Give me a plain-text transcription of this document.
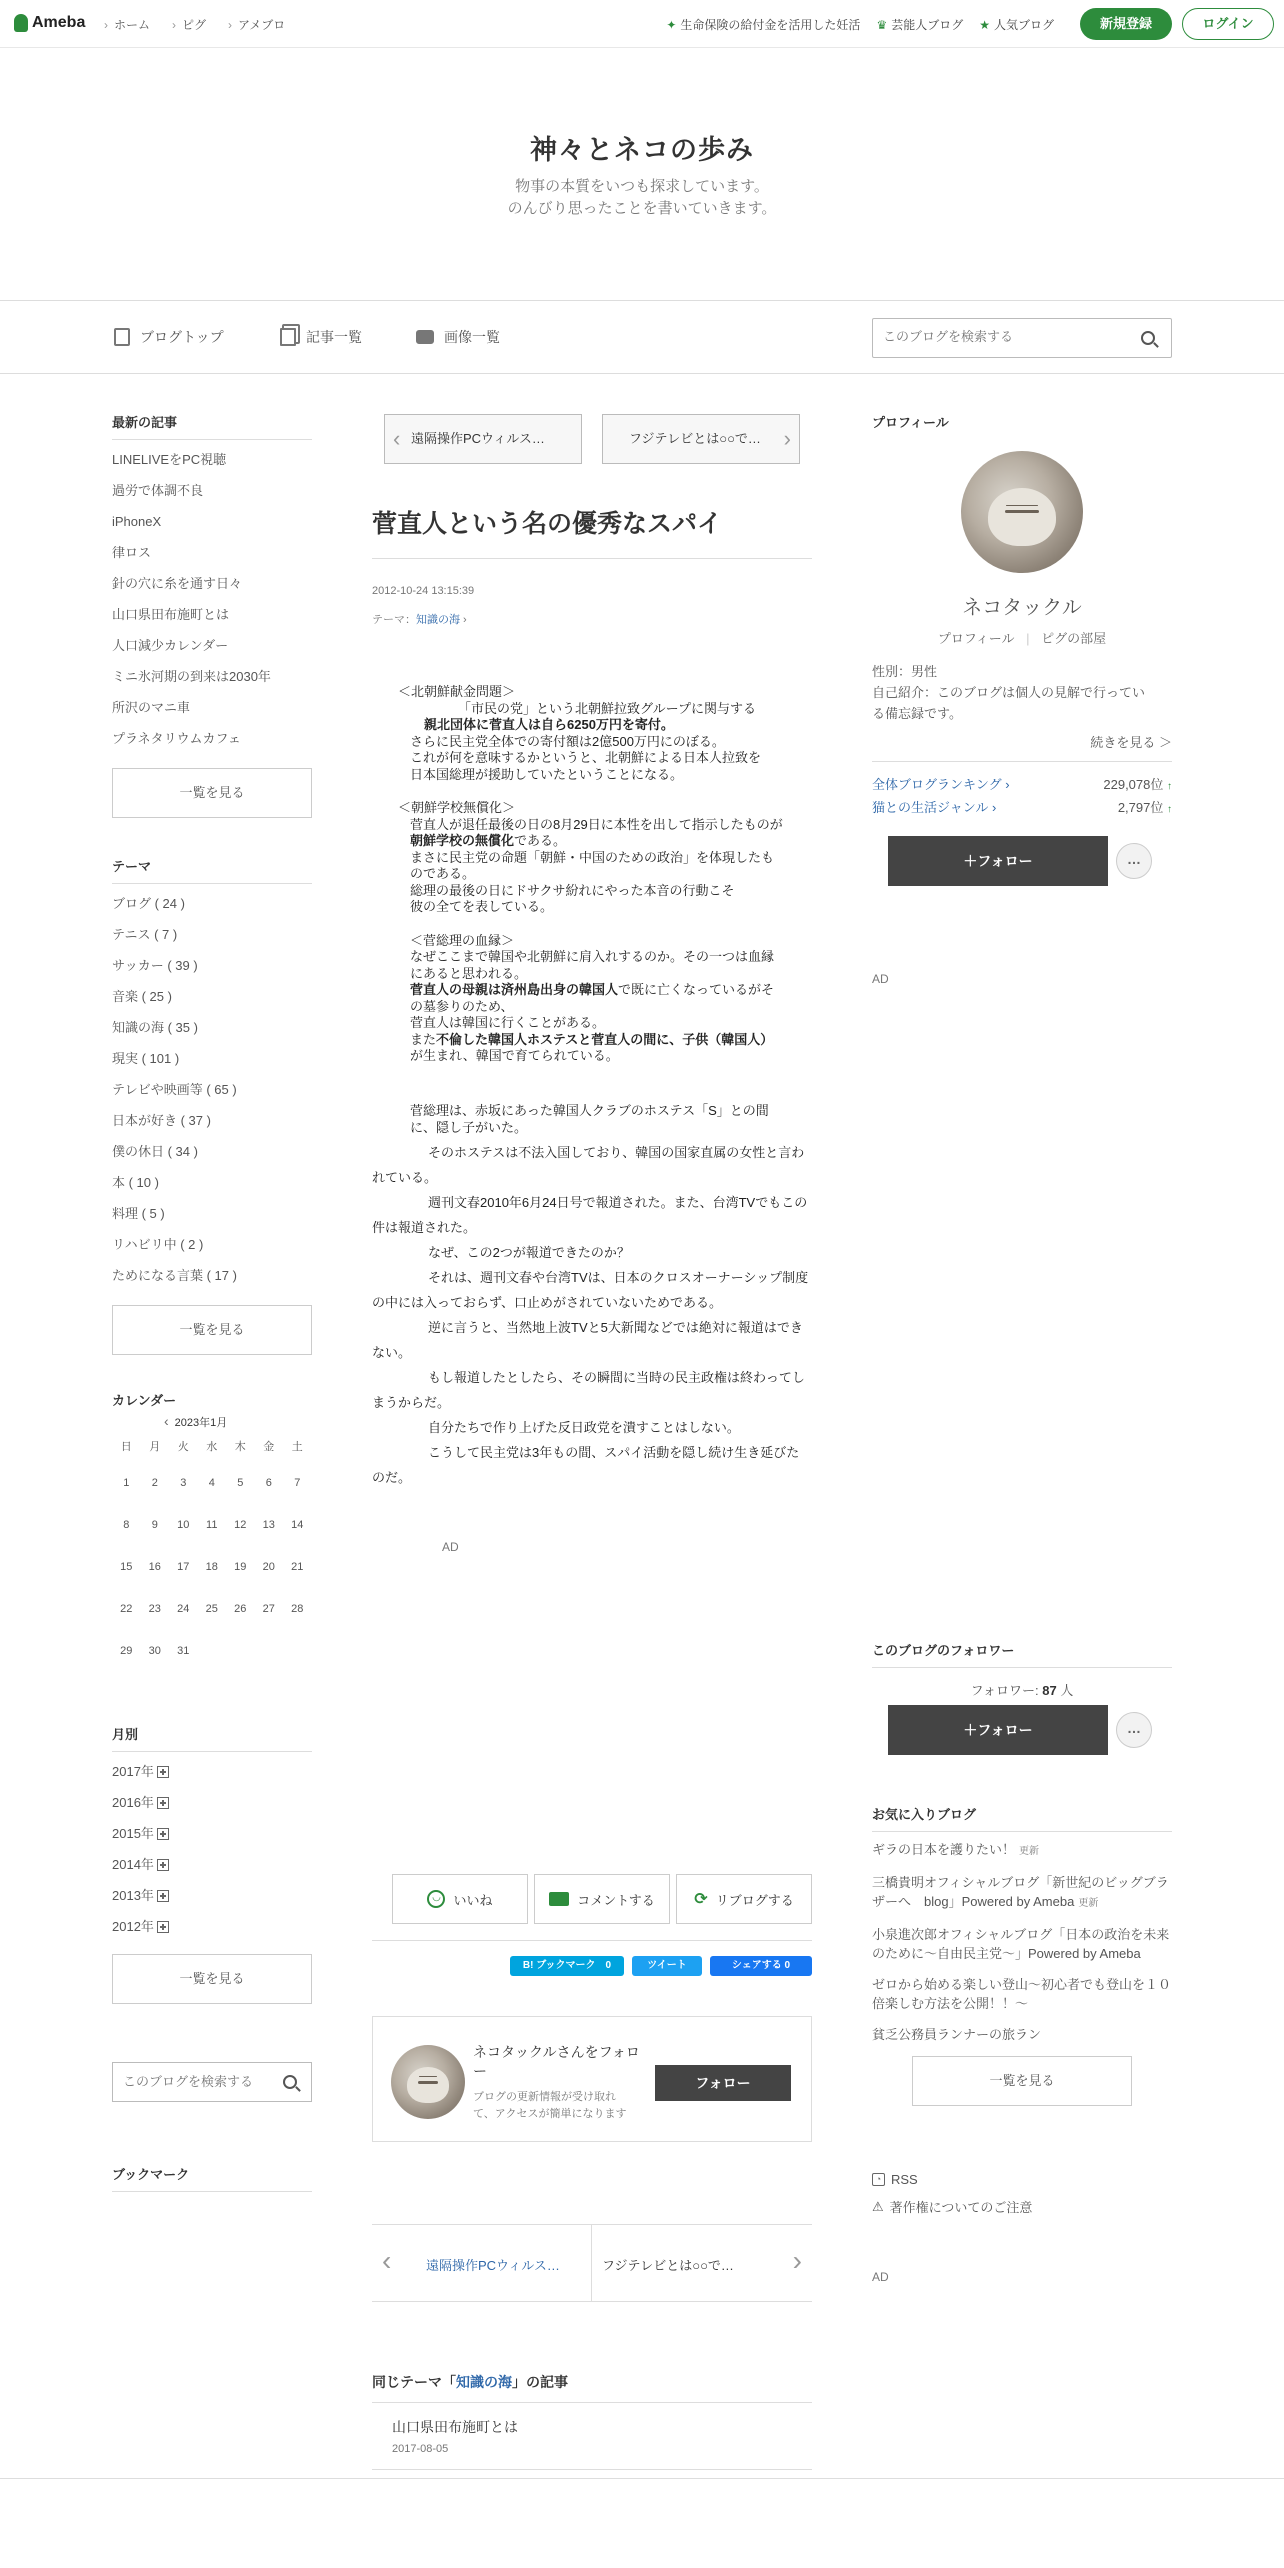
Ameba	› ホーム	› ピグ	› アメブロ	✦ 生命保険の給付金を活用した妊活 ♛ 芸能人ブログ ★ 人気ブログ	新規登録	ログイン
神々とネコの歩み
物事の本質をいつも探求しています。
のんびり思ったことを書いていきます。
ブログトップ	記事一覧	画像一覧
このブログを検索する
最新の記事
LINELIVEをPC視聴
過労で体調不良
iPhoneX
律ロス
針の穴に糸を通す日々
山口県田布施町とは
人口減少カレンダー
ミニ氷河期の到来は2030年
所沢のマニ車
プラネタリウムカフェ
一覧を見る
テーマ
ブログ ( 24 )
テニス ( 7 )
サッカー ( 39 )
音楽 ( 25 )
知識の海 ( 35 )
現実 ( 101 )
テレビや映画等 ( 65 )
日本が好き ( 37 )
僕の休日 ( 34 )
本 ( 10 )
料理 ( 5 )
リハビリ中 ( 2 )
ためになる言葉 ( 17 )
一覧を見る
カレンダー
‹ 2023年1月
日	月	火	水	木	金	土
1	2	3	4	5	6	7
8	9	10	11	12	13	14
15	16	17	18	19	20	21
22	23	24	25	26	27	28
29	30	31
月別
2017年
2016年
2015年
2014年
2013年
2012年
一覧を見る
このブログを検索する
ブックマーク
‹ 遠隔操作PCウィルス…	フジテレビとは○○で… ›
菅直人という名の優秀なスパイ
2012-10-24 13:15:39
テーマ：知識の海 ›
＜北朝鮮献金問題＞
「市民の党」という北朝鮮拉致グループに関与する
親北団体に菅直人は自ら6250万円を寄付。
さらに民主党全体での寄付額は2億500万円にのぼる。
これが何を意味するかというと、北朝鮮による日本人拉致を
日本国総理が援助していたということになる。
＜朝鮮学校無償化＞
菅直人が退任最後の日の8月29日に本性を出して指示したものが
朝鮮学校の無償化である。
まさに民主党の命題「朝鮮・中国のための政治」を体現したも
のである。
総理の最後の日にドサクサ紛れにやった本音の行動こそ
彼の全てを表している。
＜菅総理の血縁＞
なぜここまで韓国や北朝鮮に肩入れするのか。その一つは血縁
にあると思われる。
菅直人の母親は済州島出身の韓国人で既に亡くなっているがそ
の墓参りのため、
菅直人は韓国に行くことがある。
また不倫した韓国人ホステスと菅直人の間に、子供（韓国人）
が生まれ、韓国で育てられている。
菅総理は、赤坂にあった韓国人クラブのホステス「S」との間
に、隠し子がいた。
そのホステスは不法入国しており、韓国の国家直属の女性と言われている。
週刊文春2010年6月24日号で報道された。また、台湾TVでもこの件は報道された。
なぜ、この2つが報道できたのか？
それは、週刊文春や台湾TVは、日本のクロスオーナーシップ制度の中には入っておらず、口止めがされていないためである。
逆に言うと、当然地上波TVと5大新聞などでは絶対に報道はできない。
もし報道したとしたら、その瞬間に当時の民主政権は終わってしまうからだ。
自分たちで作り上げた反日政党を潰すことはしない。
こうして民主党は3年もの間、スパイ活動を隠し続け生き延びたのだ。
AD
◡ いいね	コメントする ⟳ リブログする
B! ブックマーク　0	ツイート	シェアする 0
ネコタックルさんをフォロ
ー
ブログの更新情報が受け取れ
て、アクセスが簡単になります
フォロー
‹	遠隔操作PCウィルス…	フジテレビとは○○で… ›
同じテーマ「知識の海」の記事
山口県田布施町とは
2017-08-05
プロフィール
ネコタックル
プロフィール | ピグの部屋
性別：男性
自己紹介：このブログは個人の見解で行ってい
る備忘録です。
続きを見る ＞
全体ブログランキング ›	229,078位 ↑
猫との生活ジャンル ›	2,797位 ↑
＋フォロー	…
AD
このブログのフォロワー
フォロワー: 87 人
＋フォロー	…
お気に入りブログ
ギラの日本を護りたい！ 更新
三橋貴明オフィシャルブログ「新世紀のビッグブラザーへ　blog」Powered by Ameba 更新
小泉進次郎オフィシャルブログ「日本の政治を未来のために～自由民主党～」Powered by Ameba
ゼロから始める楽しい登山～初心者でも登山を１０倍楽しむ方法を公開！！～
貧乏公務員ランナーの旅ラン
一覧を見る
◔ RSS
⚠ 著作権についてのご注意
AD
